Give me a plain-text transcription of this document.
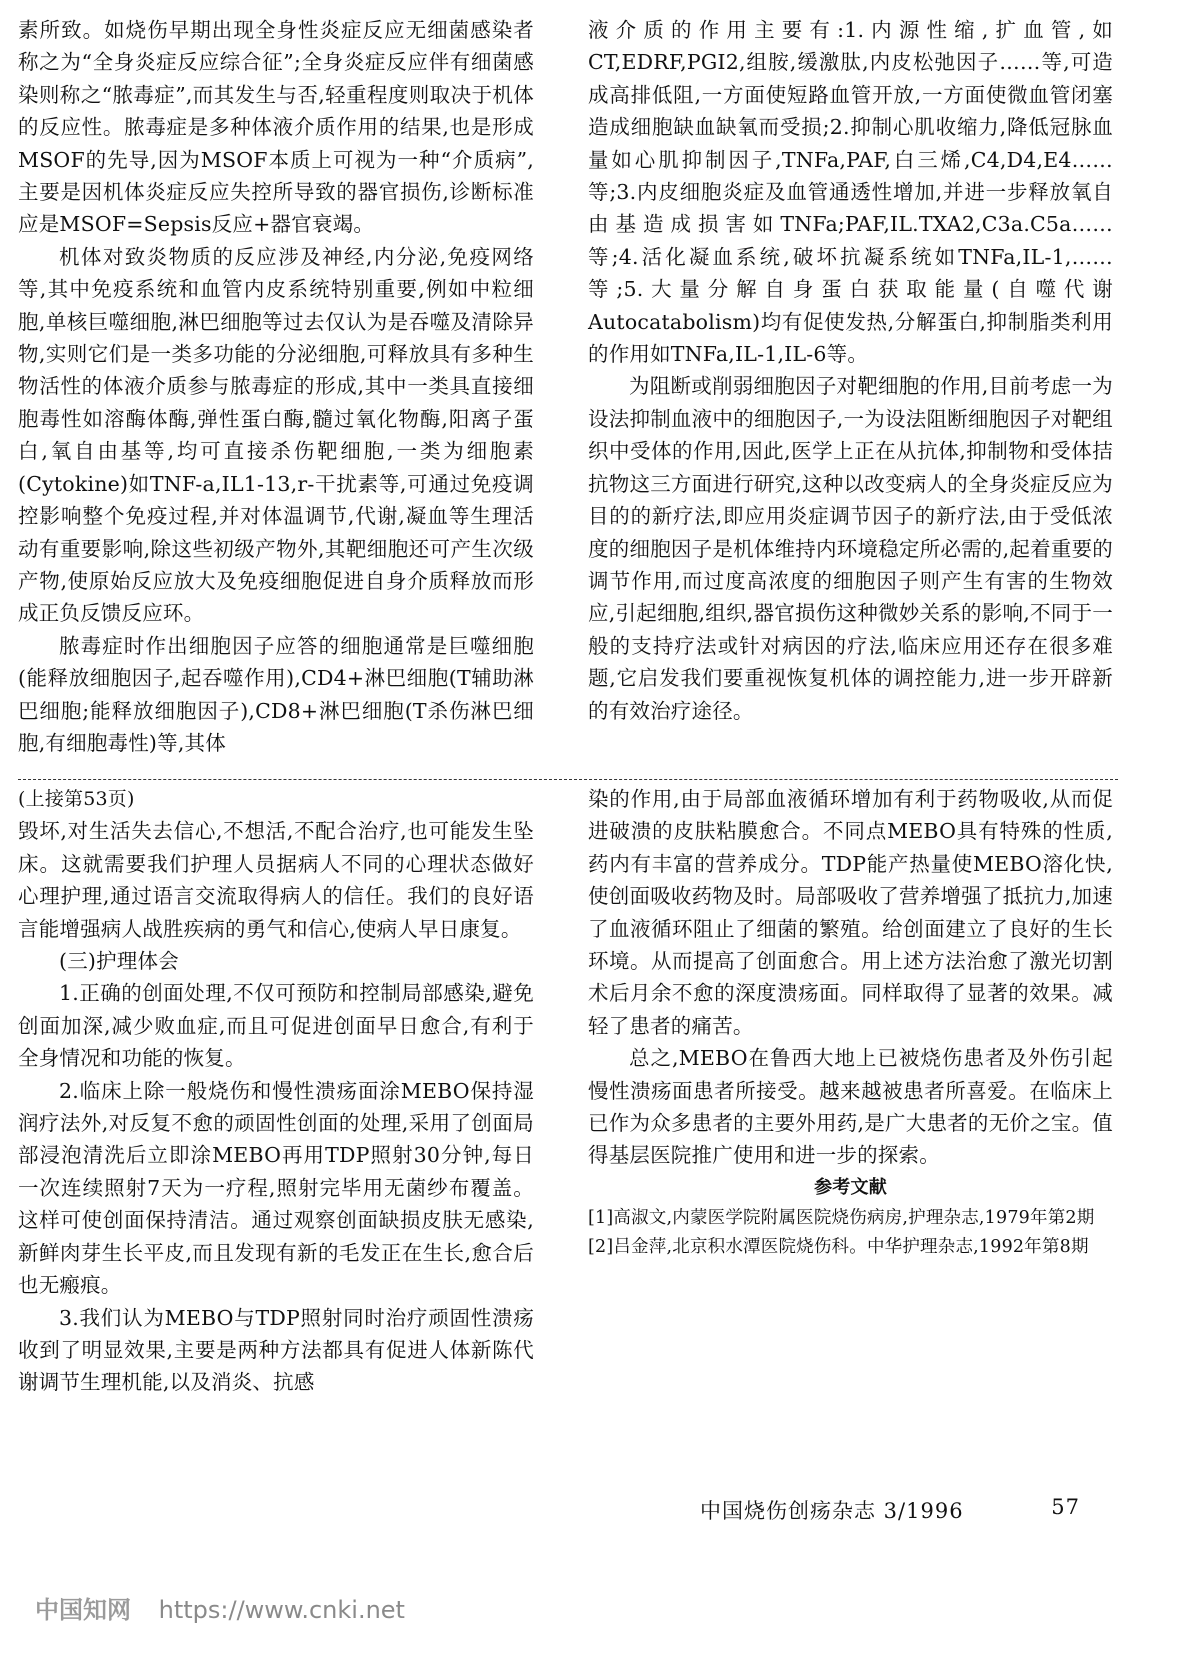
素所致。如烧伤早期出现全身性炎症反应无细菌感染者称之为“全身炎症反应综合征”;全身炎症反应伴有细菌感染则称之“脓毒症”,而其发生与否,轻重程度则取决于机体的反应性。脓毒症是多种体液介质作用的结果,也是形成MSOF的先导,因为MSOF本质上可视为一种“介质病”,主要是因机体炎症反应失控所导致的器官损伤,诊断标准应是MSOF=Sepsis反应+器官衰竭。

机体对致炎物质的反应涉及神经,内分泌,免疫网络等,其中免疫系统和血管内皮系统特别重要,例如中粒细胞,单核巨噬细胞,淋巴细胞等过去仅认为是吞噬及清除异物,实则它们是一类多功能的分泌细胞,可释放具有多种生物活性的体液介质参与脓毒症的形成,其中一类具直接细胞毒性如溶酶体酶,弹性蛋白酶,髓过氧化物酶,阳离子蛋白,氧自由基等,均可直接杀伤靶细胞,一类为细胞素(Cytokine)如TNF-a,IL1-13,r-干扰素等,可通过免疫调控影响整个免疫过程,并对体温调节,代谢,凝血等生理活动有重要影响,除这些初级产物外,其靶细胞还可产生次级产物,使原始反应放大及免疫细胞促进自身介质释放而形成正负反馈反应环。

脓毒症时作出细胞因子应答的细胞通常是巨噬细胞(能释放细胞因子,起吞噬作用),CD4+淋巴细胞(T辅助淋巴细胞;能释放细胞因子),CD8+淋巴细胞(T杀伤淋巴细胞,有细胞毒性)等,其体

液介质的作用主要有:1.内源性缩,扩血管,如CT,EDRF,PGI2,组胺,缓激肽,内皮松弛因子……等,可造成高排低阻,一方面使短路血管开放,一方面使微血管闭塞造成细胞缺血缺氧而受损;2.抑制心肌收缩力,降低冠脉血量如心肌抑制因子,TNFa,PAF,白三烯,C4,D4,E4……等;3.内皮细胞炎症及血管通透性增加,并进一步释放氧自由基造成损害如TNFa;PAF,IL.TXA2,C3a.C5a……等;4.活化凝血系统,破坏抗凝系统如TNFa,IL-1,……等;5.大量分解自身蛋白获取能量(自噬代谢Autocatabolism)均有促使发热,分解蛋白,抑制脂类利用的作用如TNFa,IL-1,IL-6等。

为阻断或削弱细胞因子对靶细胞的作用,目前考虑一为设法抑制血液中的细胞因子,一为设法阻断细胞因子对靶组织中受体的作用,因此,医学上正在从抗体,抑制物和受体拮抗物这三方面进行研究,这种以改变病人的全身炎症反应为目的的新疗法,即应用炎症调节因子的新疗法,由于受低浓度的细胞因子是机体维持内环境稳定所必需的,起着重要的调节作用,而过度高浓度的细胞因子则产生有害的生物效应,引起细胞,组织,器官损伤这种微妙关系的影响,不同于一般的支持疗法或针对病因的疗法,临床应用还存在很多难题,它启发我们要重视恢复机体的调控能力,进一步开辟新的有效治疗途径。

(上接第53页)

毁坏,对生活失去信心,不想活,不配合治疗,也可能发生坠床。这就需要我们护理人员据病人不同的心理状态做好心理护理,通过语言交流取得病人的信任。我们的良好语言能增强病人战胜疾病的勇气和信心,使病人早日康复。

(三)护理体会

1.正确的创面处理,不仅可预防和控制局部感染,避免创面加深,减少败血症,而且可促进创面早日愈合,有利于全身情况和功能的恢复。

2.临床上除一般烧伤和慢性溃疡面涂MEBO保持湿润疗法外,对反复不愈的顽固性创面的处理,采用了创面局部浸泡清洗后立即涂MEBO再用TDP照射30分钟,每日一次连续照射7天为一疗程,照射完毕用无菌纱布覆盖。这样可使创面保持清洁。通过观察创面缺损皮肤无感染,新鲜肉芽生长平皮,而且发现有新的毛发正在生长,愈合后也无瘢痕。

3.我们认为MEBO与TDP照射同时治疗顽固性溃疡收到了明显效果,主要是两种方法都具有促进人体新陈代谢调节生理机能,以及消炎、抗感

染的作用,由于局部血液循环增加有利于药物吸收,从而促进破溃的皮肤粘膜愈合。不同点MEBO具有特殊的性质,药内有丰富的营养成分。TDP能产热量使MEBO溶化快,使创面吸收药物及时。局部吸收了营养增强了抵抗力,加速了血液循环阻止了细菌的繁殖。给创面建立了良好的生长环境。从而提高了创面愈合。用上述方法治愈了激光切割术后月余不愈的深度溃疡面。同样取得了显著的效果。减轻了患者的痛苦。

总之,MEBO在鲁西大地上已被烧伤患者及外伤引起慢性溃疡面患者所接受。越来越被患者所喜爱。在临床上已作为众多患者的主要外用药,是广大患者的无价之宝。值得基层医院推广使用和进一步的探索。

参考文献

[1]高淑文,内蒙医学院附属医院烧伤病房,护理杂志,1979年第2期

[2]吕金萍,北京积水潭医院烧伤科。中华护理杂志,1992年第8期

中国烧伤创疡杂志 3/1996	57
中国知网 https://www.cnki.net
